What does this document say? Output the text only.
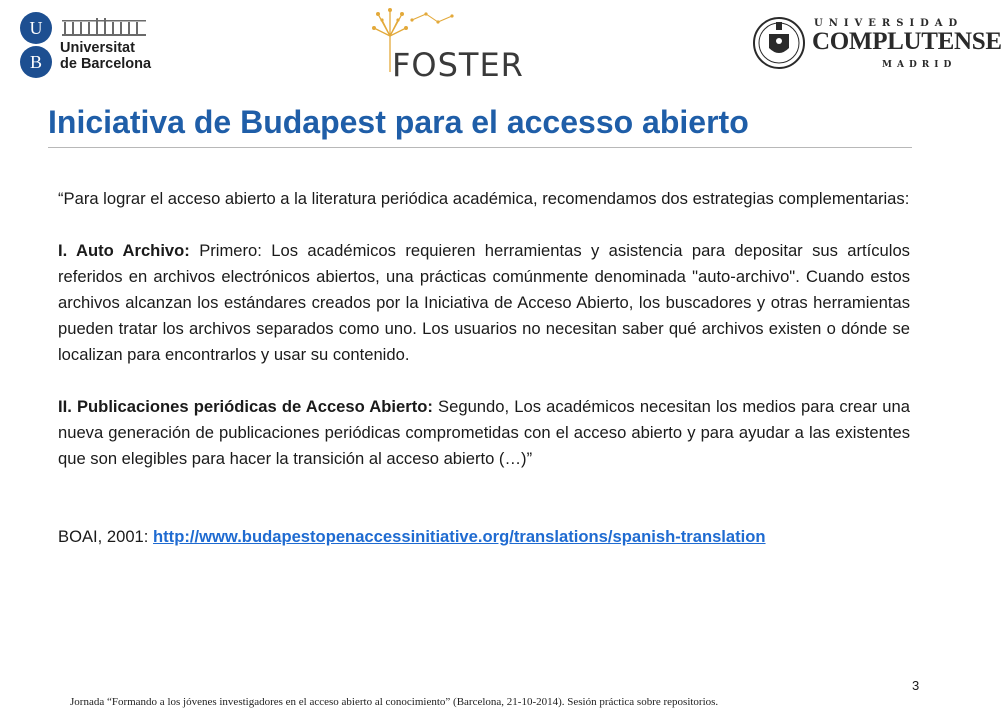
U
B
Universitat
de Barcelona	FOSTER
UNIVERSIDAD
COMPLUTENSE
MADRID
Iniciativa de Budapest para el accesso abierto

“Para lograr el acceso abierto a la literatura periódica académica, recomendamos dos estrategias complementarias:

I. Auto Archivo: Primero: Los académicos requieren herramientas y asistencia para depositar sus artículos referidos en archivos electrónicos abiertos, una prácticas comúnmente denominada "auto-archivo". Cuando estos archivos alcanzan los estándares creados por la Iniciativa de Acceso Abierto, los buscadores y otras herramientas pueden tratar los archivos separados como uno. Los usuarios no necesitan saber qué archivos existen o dónde se localizan para encontrarlos y usar su contenido.

II. Publicaciones periódicas de Acceso Abierto: Segundo, Los académicos necesitan los medios para crear una nueva generación de publicaciones periódicas comprometidas con el acceso abierto y para ayudar a las existentes que son elegibles para hacer la transición al acceso abierto (…)”

BOAI, 2001: http://www.budapestopenaccessinitiative.org/translations/spanish-translation

3
Jornada “Formando a los jóvenes investigadores en el acceso abierto al conocimiento” (Barcelona, 21-10-2014). Sesión práctica sobre repositorios.
